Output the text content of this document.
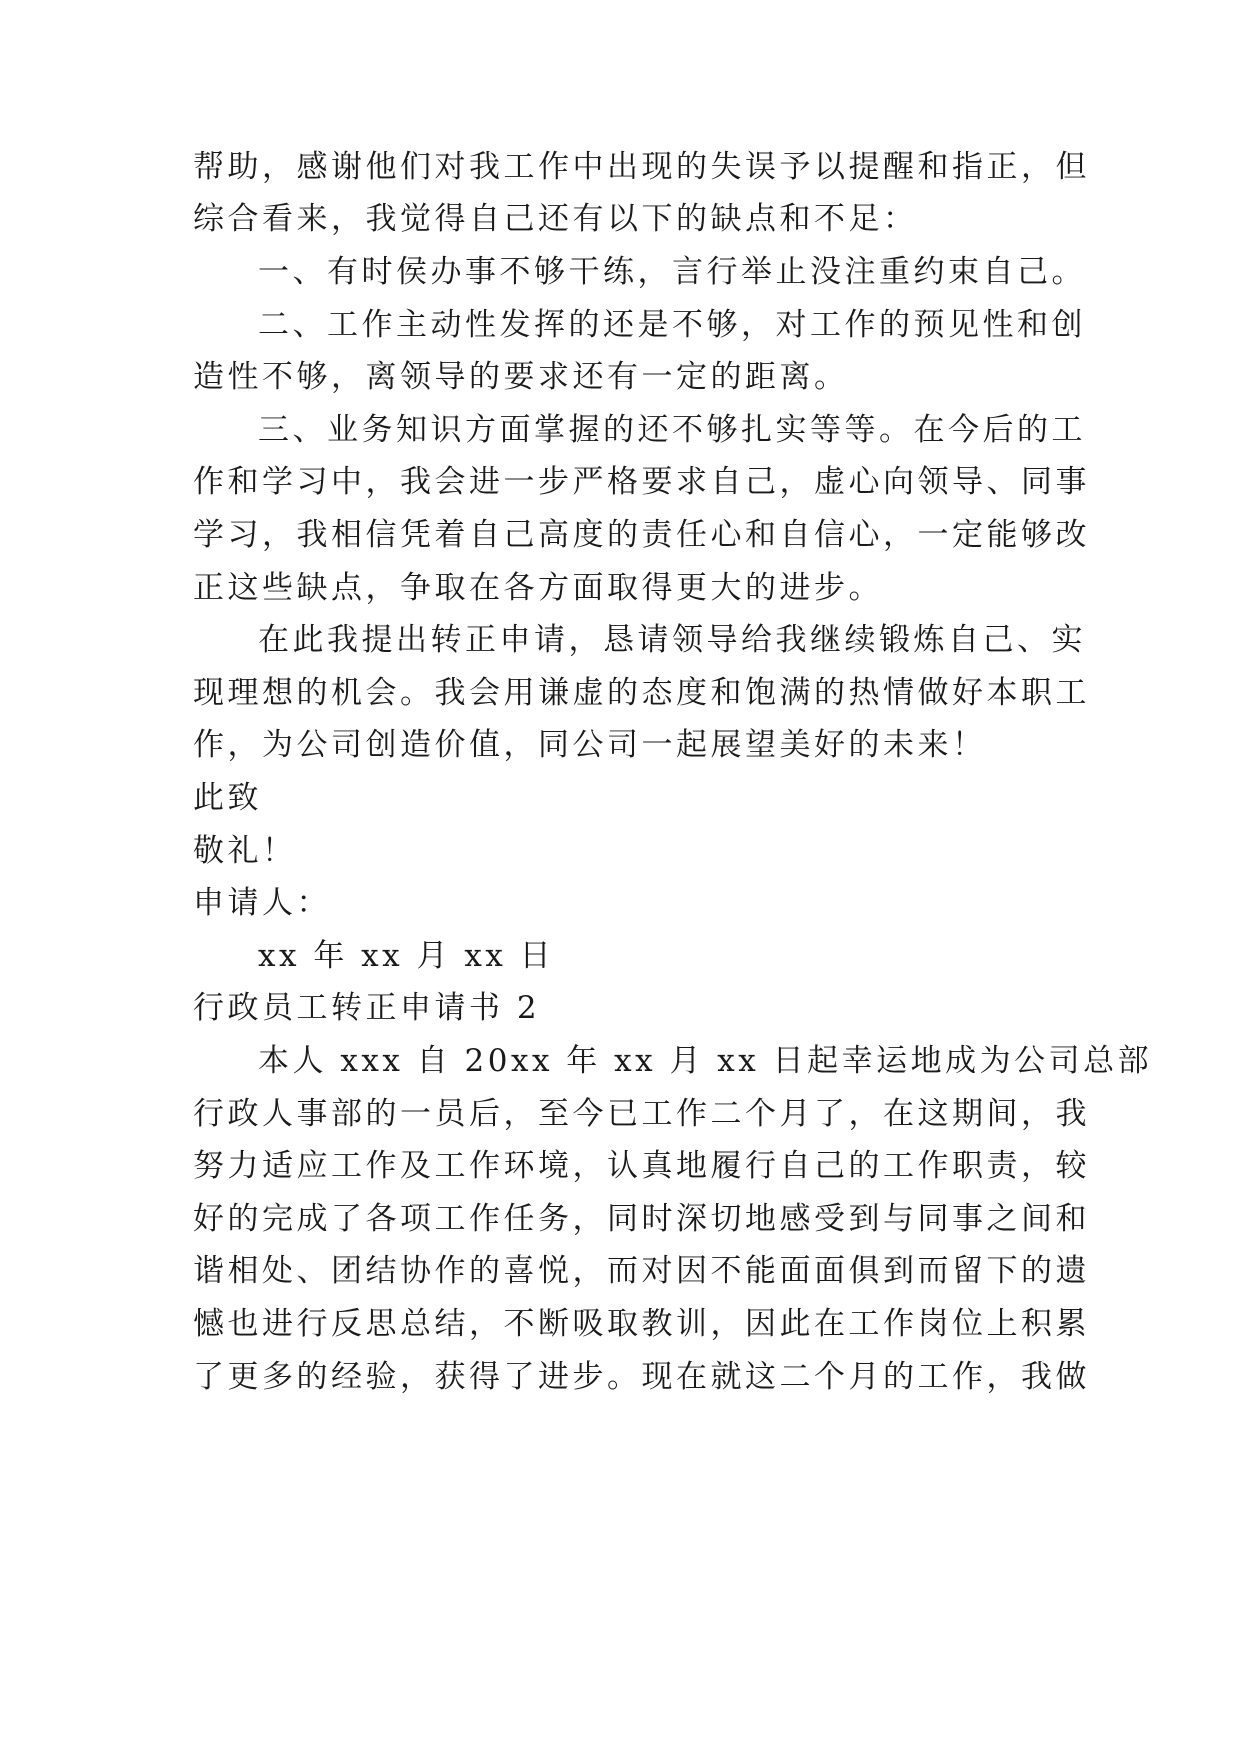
帮助，感谢他们对我工作中出现的失误予以提醒和指正，但
综合看来，我觉得自己还有以下的缺点和不足：
一、有时侯办事不够干练，言行举止没注重约束自己。
二、工作主动性发挥的还是不够，对工作的预见性和创
造性不够，离领导的要求还有一定的距离。
三、业务知识方面掌握的还不够扎实等等。在今后的工
作和学习中，我会进一步严格要求自己，虚心向领导、同事
学习，我相信凭着自己高度的责任心和自信心，一定能够改
正这些缺点，争取在各方面取得更大的进步。
在此我提出转正申请，恳请领导给我继续锻炼自己、实
现理想的机会。我会用谦虚的态度和饱满的热情做好本职工
作，为公司创造价值，同公司一起展望美好的未来！
此致
敬礼！
申请人：
xx 年 xx 月 xx 日
行政员工转正申请书 2
本人 xxx 自 20xx 年 xx 月 xx 日起幸运地成为公司总部
行政人事部的一员后，至今已工作二个月了，在这期间，我
努力适应工作及工作环境，认真地履行自己的工作职责，较
好的完成了各项工作任务，同时深切地感受到与同事之间和
谐相处、团结协作的喜悦，而对因不能面面俱到而留下的遗
憾也进行反思总结，不断吸取教训，因此在工作岗位上积累
了更多的经验，获得了进步。现在就这二个月的工作，我做
